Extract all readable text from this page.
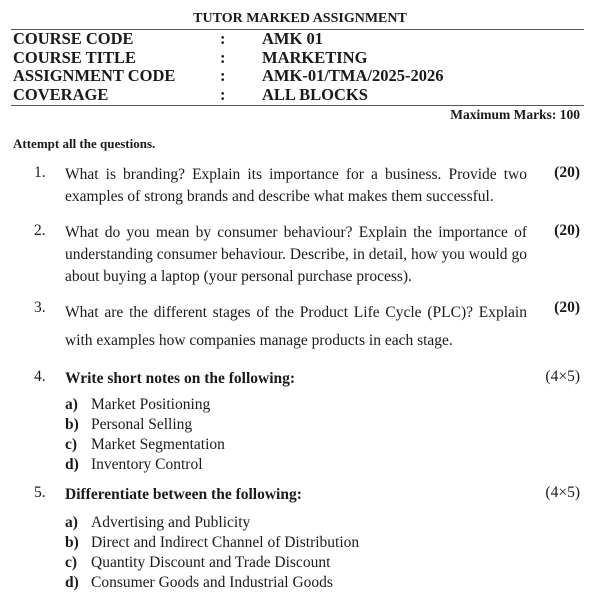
TUTOR MARKED ASSIGNMENT
COURSE CODE	: AMK 01
COURSE TITLE	: MARKETING
ASSIGNMENT CODE	: AMK-01/TMA/2025-2026
COVERAGE	: ALL BLOCKS
Maximum Marks: 100
Attempt all the questions.
1. What is branding? Explain its importance for a business. Provide two examples of strong brands and describe what makes them successful.
(20)
2. What do you mean by consumer behaviour? Explain the importance of understanding consumer behaviour. Describe, in detail, how you would go about buying a laptop (your personal purchase process).
(20)
3. What are the different stages of the Product Life Cycle (PLC)? Explain with examples how companies manage products in each stage.
(20)
4. Write short notes on the following:	(4×5)
a) Market Positioning
b) Personal Selling
c) Market Segmentation
d) Inventory Control
5. Differentiate between the following:	(4×5)
a) Advertising and Publicity
b) Direct and Indirect Channel of Distribution
c) Quantity Discount and Trade Discount
d) Consumer Goods and Industrial Goods
